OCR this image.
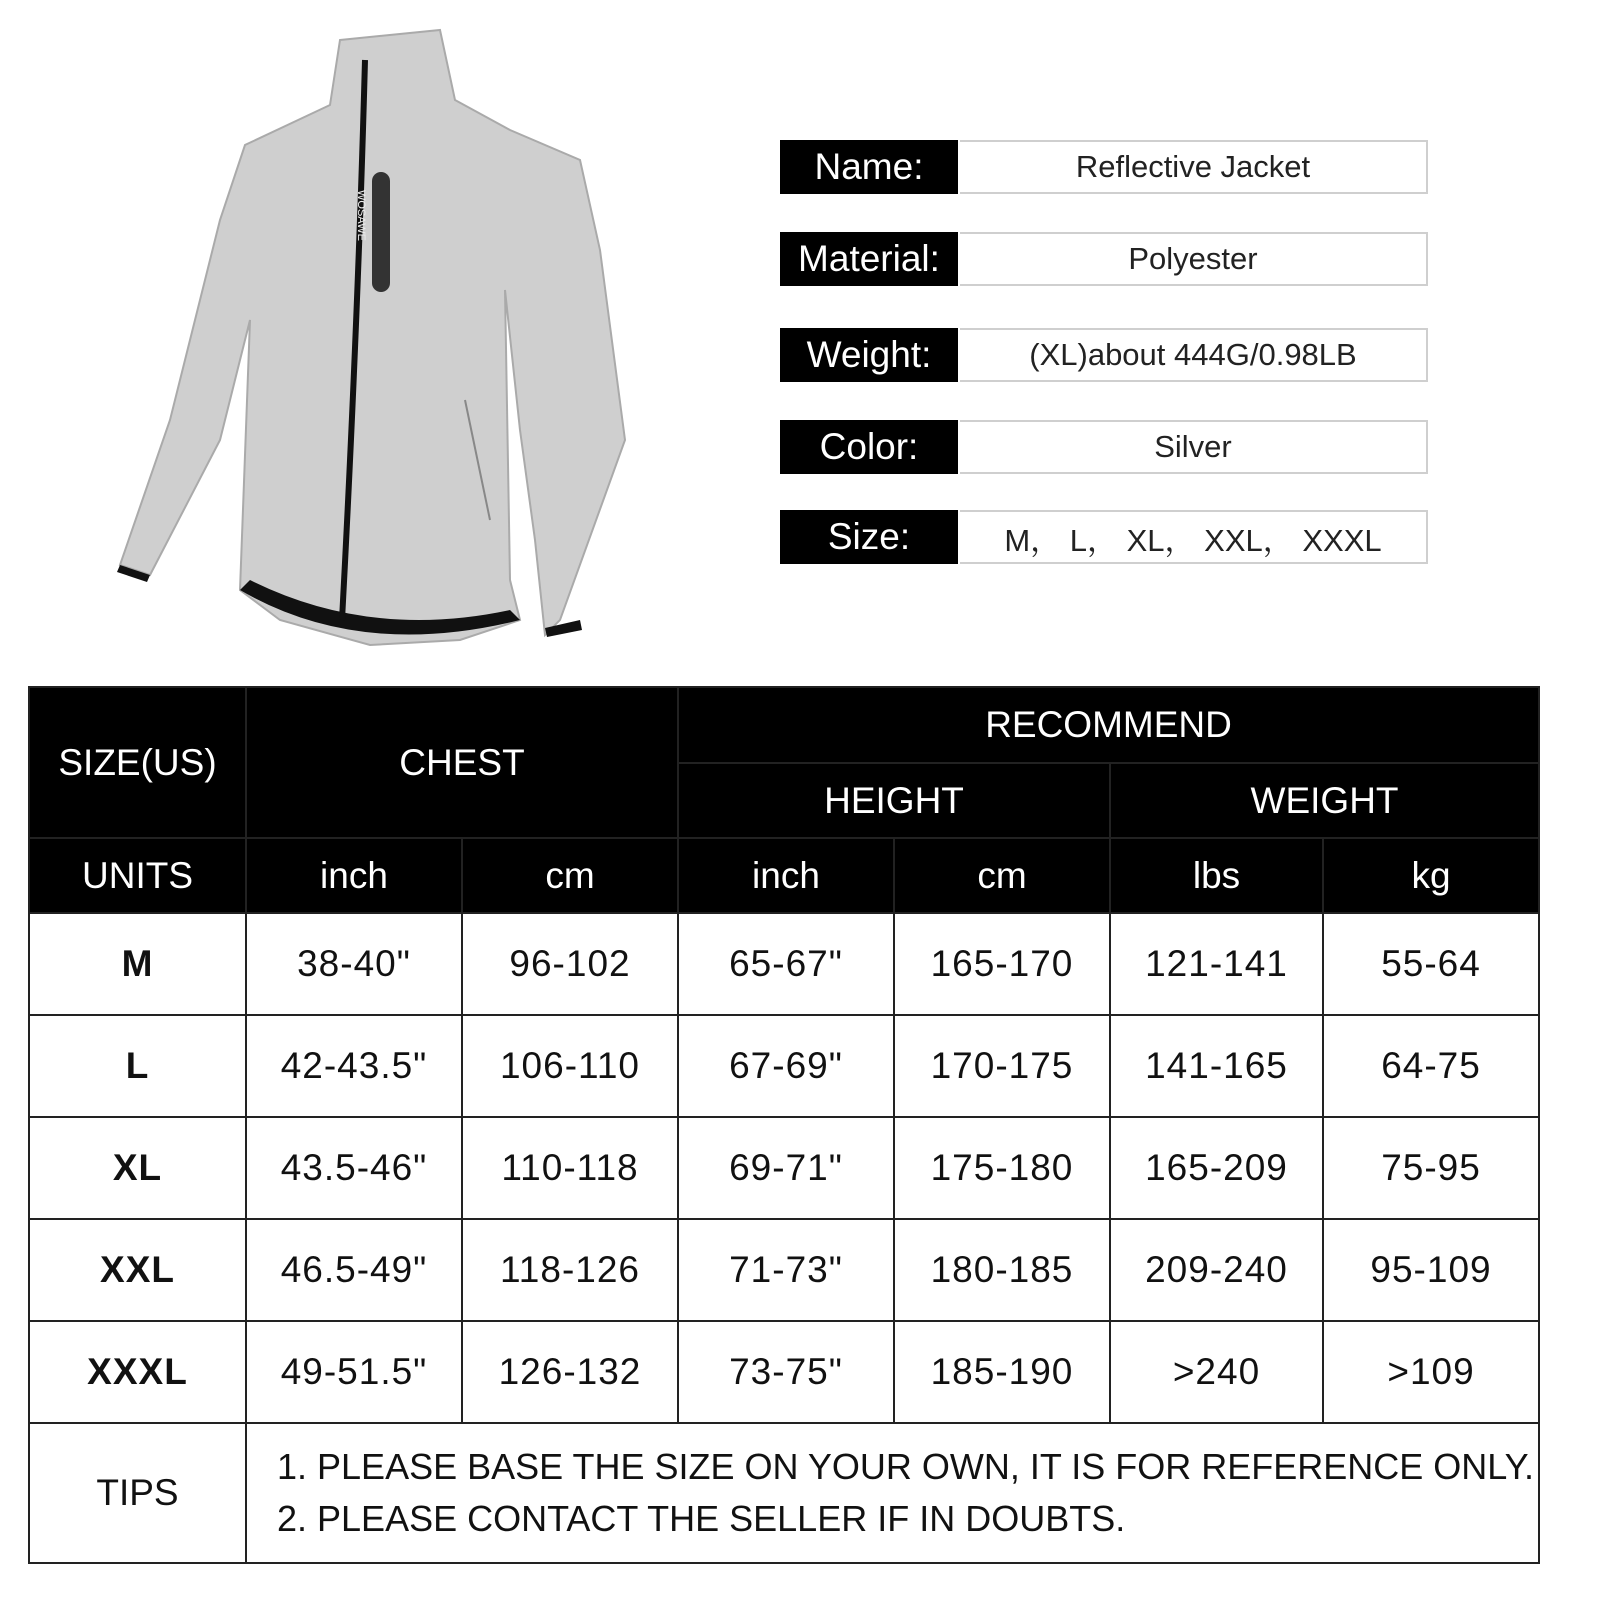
WOSAWE
Name:	Reflective Jacket
Material:	Polyester
Weight:	(XL)about 444G/0.98LB
Color:	Silver
Size:	M， L， XL， XXL， XXXL
SIZE(US)	CHEST		RECOMMEND			
			HEIGHT		WEIGHT	
UNITS	inch	cm	inch	cm	lbs	kg
M	38-40"	96-102	65-67"	165-170	121-141	55-64
L	42-43.5"	106-110	67-69"	170-175	141-165	64-75
XL	43.5-46"	110-118	69-71"	175-180	165-209	75-95
XXL	46.5-49"	118-126	71-73"	180-185	209-240	95-109
XXXL	49-51.5"	126-132	73-75"	185-190	>240	>109
TIPS	1. PLEASE BASE THE SIZE ON YOUR OWN, IT IS FOR REFERENCE ONLY.
2. PLEASE CONTACT THE SELLER IF IN DOUBTS.					
